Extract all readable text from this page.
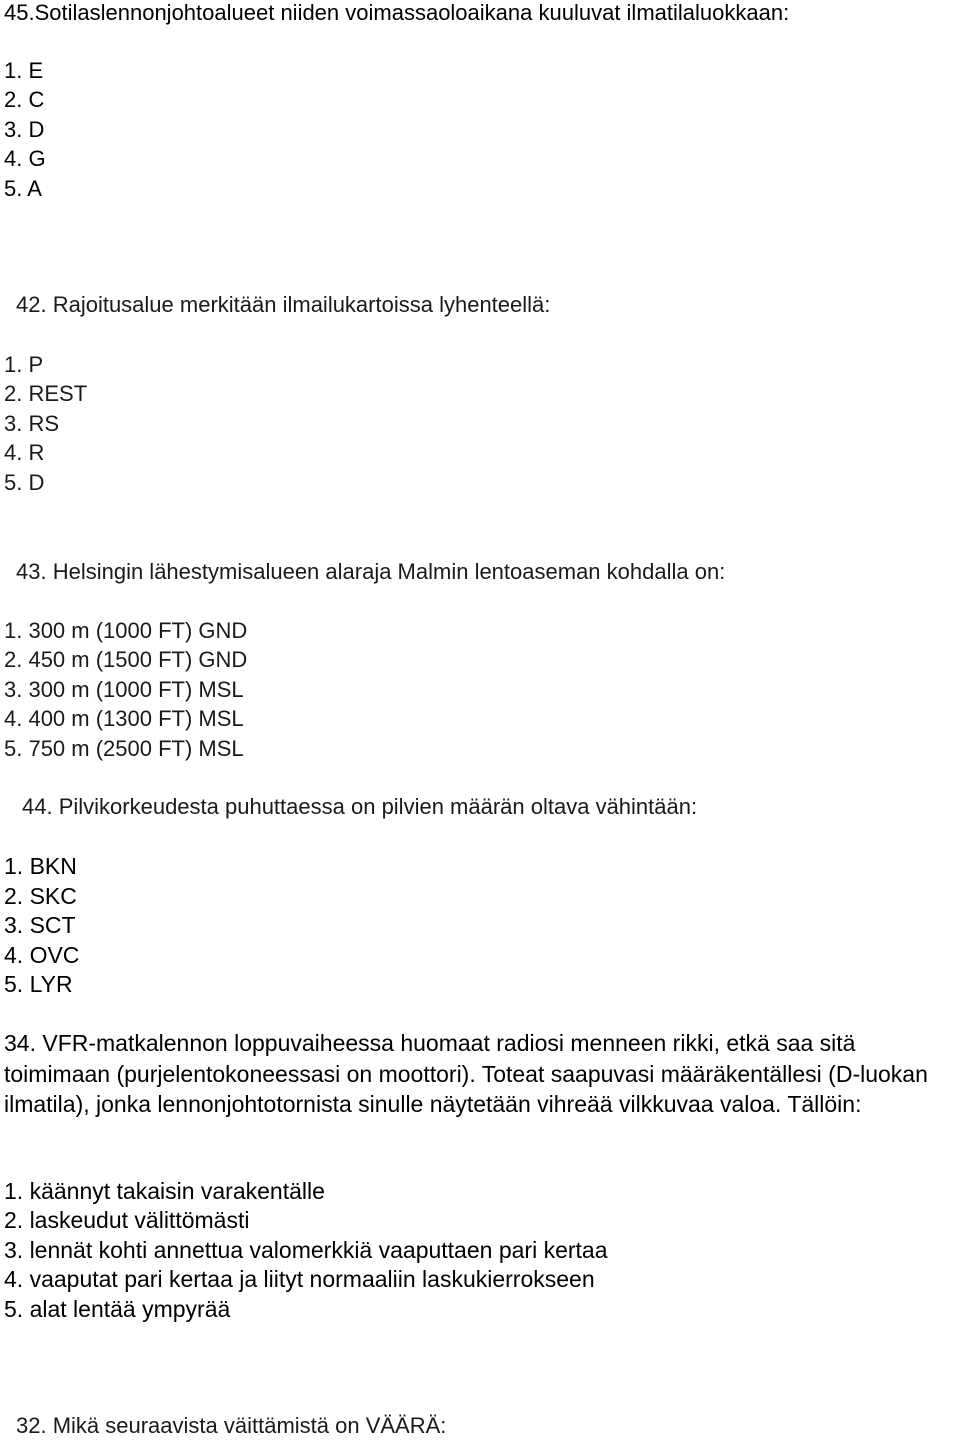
45.Sotilaslennonjohtoalueet niiden voimassaoloaikana kuuluvat ilmatilaluokkaan:
1. E
2. C
3. D
4. G
5. A
42. Rajoitusalue merkitään ilmailukartoissa lyhenteellä:
1. P
2. REST
3. RS
4. R
5. D
43. Helsingin lähestymisalueen alaraja Malmin lentoaseman kohdalla on:
1. 300 m (1000 FT) GND
2. 450 m (1500 FT) GND
3. 300 m (1000 FT) MSL
4. 400 m (1300 FT) MSL
5. 750 m (2500 FT) MSL
44. Pilvikorkeudesta puhuttaessa on pilvien määrän oltava vähintään:
1. BKN
2. SKC
3. SCT
4. OVC
5. LYR
34. VFR-matkalennon loppuvaiheessa huomaat radiosi menneen rikki, etkä saa sitä toimimaan (purjelentokoneessasi on moottori). Toteat saapuvasi määräkentällesi (D-luokan ilmatila), jonka lennonjohtotornista sinulle näytetään vihreää vilkkuvaa valoa. Tällöin:
1. käännyt takaisin varakentälle
2. laskeudut välittömästi
3. lennät kohti annettua valomerkkiä vaaputtaen pari kertaa
4. vaaputat pari kertaa ja liityt normaaliin laskukierrokseen
5. alat lentää ympyrää
32. Mikä seuraavista väittämistä on VÄÄRÄ:
